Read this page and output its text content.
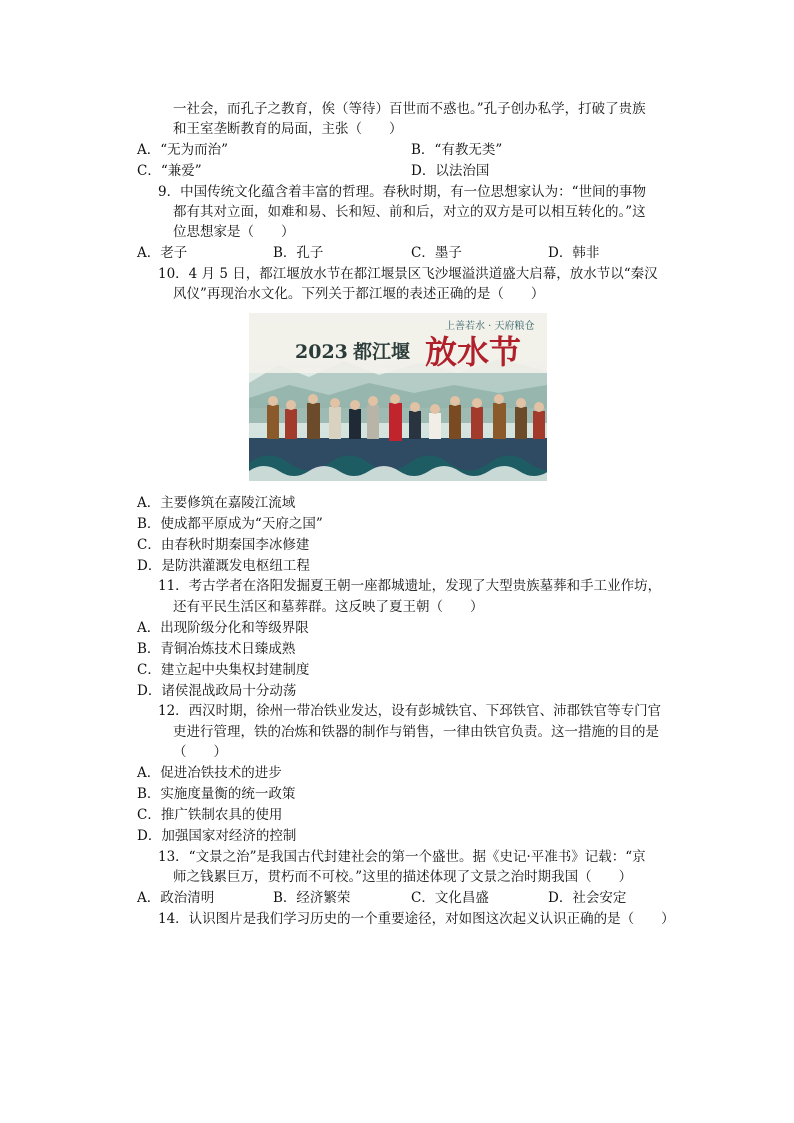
一社会，而孔子之教育，俟（等待）百世而不惑也。”孔子创办私学，打破了贵族
和王室垄断教育的局面，主张（　　）
A．“无为而治”	B．“有教无类”
C．“兼爱”	D．以法治国
9．中国传统文化蕴含着丰富的哲理。春秋时期，有一位思想家认为：“世间的事物
都有其对立面，如难和易、长和短、前和后，对立的双方是可以相互转化的。”这
位思想家是（　　）
A．老子	B．孔子	C．墨子	D．韩非
10．4 月 5 日，都江堰放水节在都江堰景区飞沙堰溢洪道盛大启幕，放水节以“秦汉
风仪”再现治水文化。下列关于都江堰的表述正确的是（　　）
上善若水 · 天府粮仓
2023 都江堰 放水节
A．主要修筑在嘉陵江流域
B．使成都平原成为“天府之国”
C．由春秋时期秦国李冰修建
D．是防洪灌溉发电枢纽工程
11．考古学者在洛阳发掘夏王朝一座都城遗址，发现了大型贵族墓葬和手工业作坊，
还有平民生活区和墓葬群。这反映了夏王朝（　　）
A．出现阶级分化和等级界限
B．青铜冶炼技术日臻成熟
C．建立起中央集权封建制度
D．诸侯混战政局十分动荡
12．西汉时期，徐州一带冶铁业发达，设有彭城铁官、下邳铁官、沛郡铁官等专门官
吏进行管理，铁的冶炼和铁器的制作与销售，一律由铁官负责。这一措施的目的是
（　　）
A．促进冶铁技术的进步
B．实施度量衡的统一政策
C．推广铁制农具的使用
D．加强国家对经济的控制
13．“文景之治”是我国古代封建社会的第一个盛世。据《史记·平准书》记载：“京
师之钱累巨万，贯朽而不可校。”这里的描述体现了文景之治时期我国（　　）
A．政治清明	B．经济繁荣	C．文化昌盛	D．社会安定
14．认识图片是我们学习历史的一个重要途径，对如图这次起义认识正确的是（　　）
